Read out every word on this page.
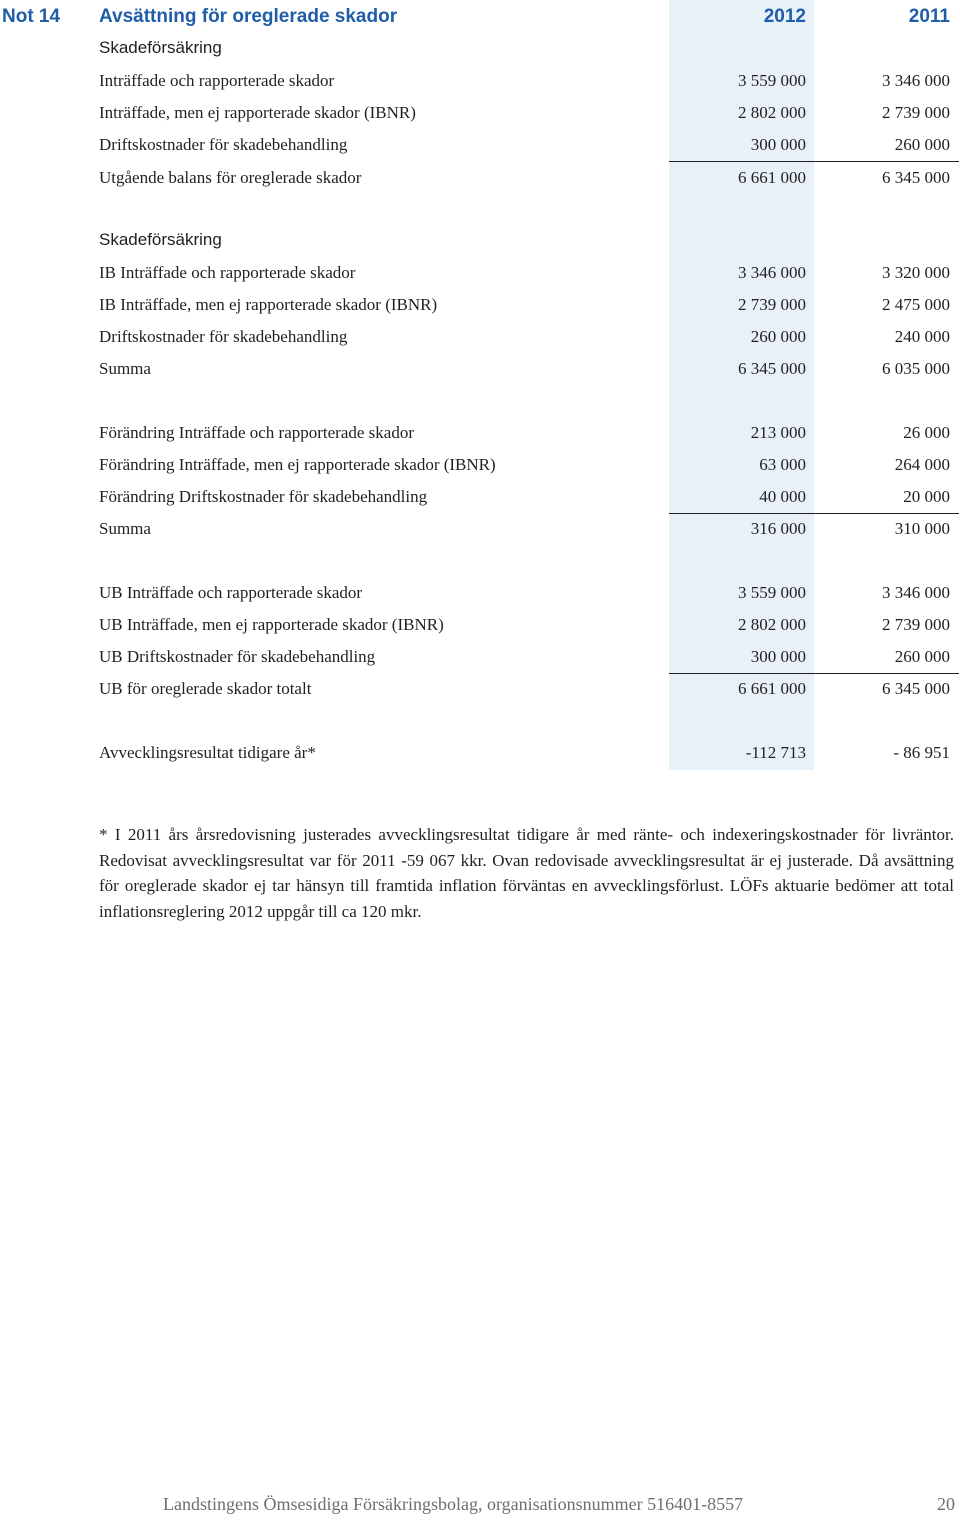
Not 14 Avsättning för oreglerade skador	2012	2011
Skadeförsäkring
Inträffade och rapporterade skador	3 559 000	3 346 000
Inträffade, men ej rapporterade skador (IBNR)	2 802 000	2 739 000
Driftskostnader för skadebehandling	300 000	260 000
Utgående balans för oreglerade skador	6 661 000	6 345 000
Skadeförsäkring
IB Inträffade och rapporterade skador	3 346 000	3 320 000
IB Inträffade, men ej rapporterade skador (IBNR)	2 739 000	2 475 000
Driftskostnader för skadebehandling	260 000	240 000
Summa	6 345 000	6 035 000
Förändring Inträffade och rapporterade skador	213 000	26 000
Förändring Inträffade, men ej rapporterade skador (IBNR)	63 000	264 000
Förändring Driftskostnader för skadebehandling	40 000	20 000
Summa	316 000	310 000
UB Inträffade och rapporterade skador	3 559 000	3 346 000
UB Inträffade, men ej rapporterade skador (IBNR)	2 802 000	2 739 000
UB Driftskostnader för skadebehandling	300 000	260 000
UB för oreglerade skador totalt	6 661 000	6 345 000
Avvecklingsresultat tidigare år*	-112 713	- 86 951
* I 2011 års årsredovisning justerades avvecklingsresultat tidigare år med ränte- och indexeringskostnader för livräntor. Redovisat avvecklingsresultat var för 2011 -59 067 kkr. Ovan redovisade avvecklingsresultat är ej justerade. Då avsättning för oreglerade skador ej tar hänsyn till framtida inflation förväntas en avvecklingsförlust. LÖFs aktuarie bedömer att total inflationsreglering 2012 uppgår till ca 120 mkr.
Landstingens Ömsesidiga Försäkringsbolag, organisationsnummer 516401-8557	20
